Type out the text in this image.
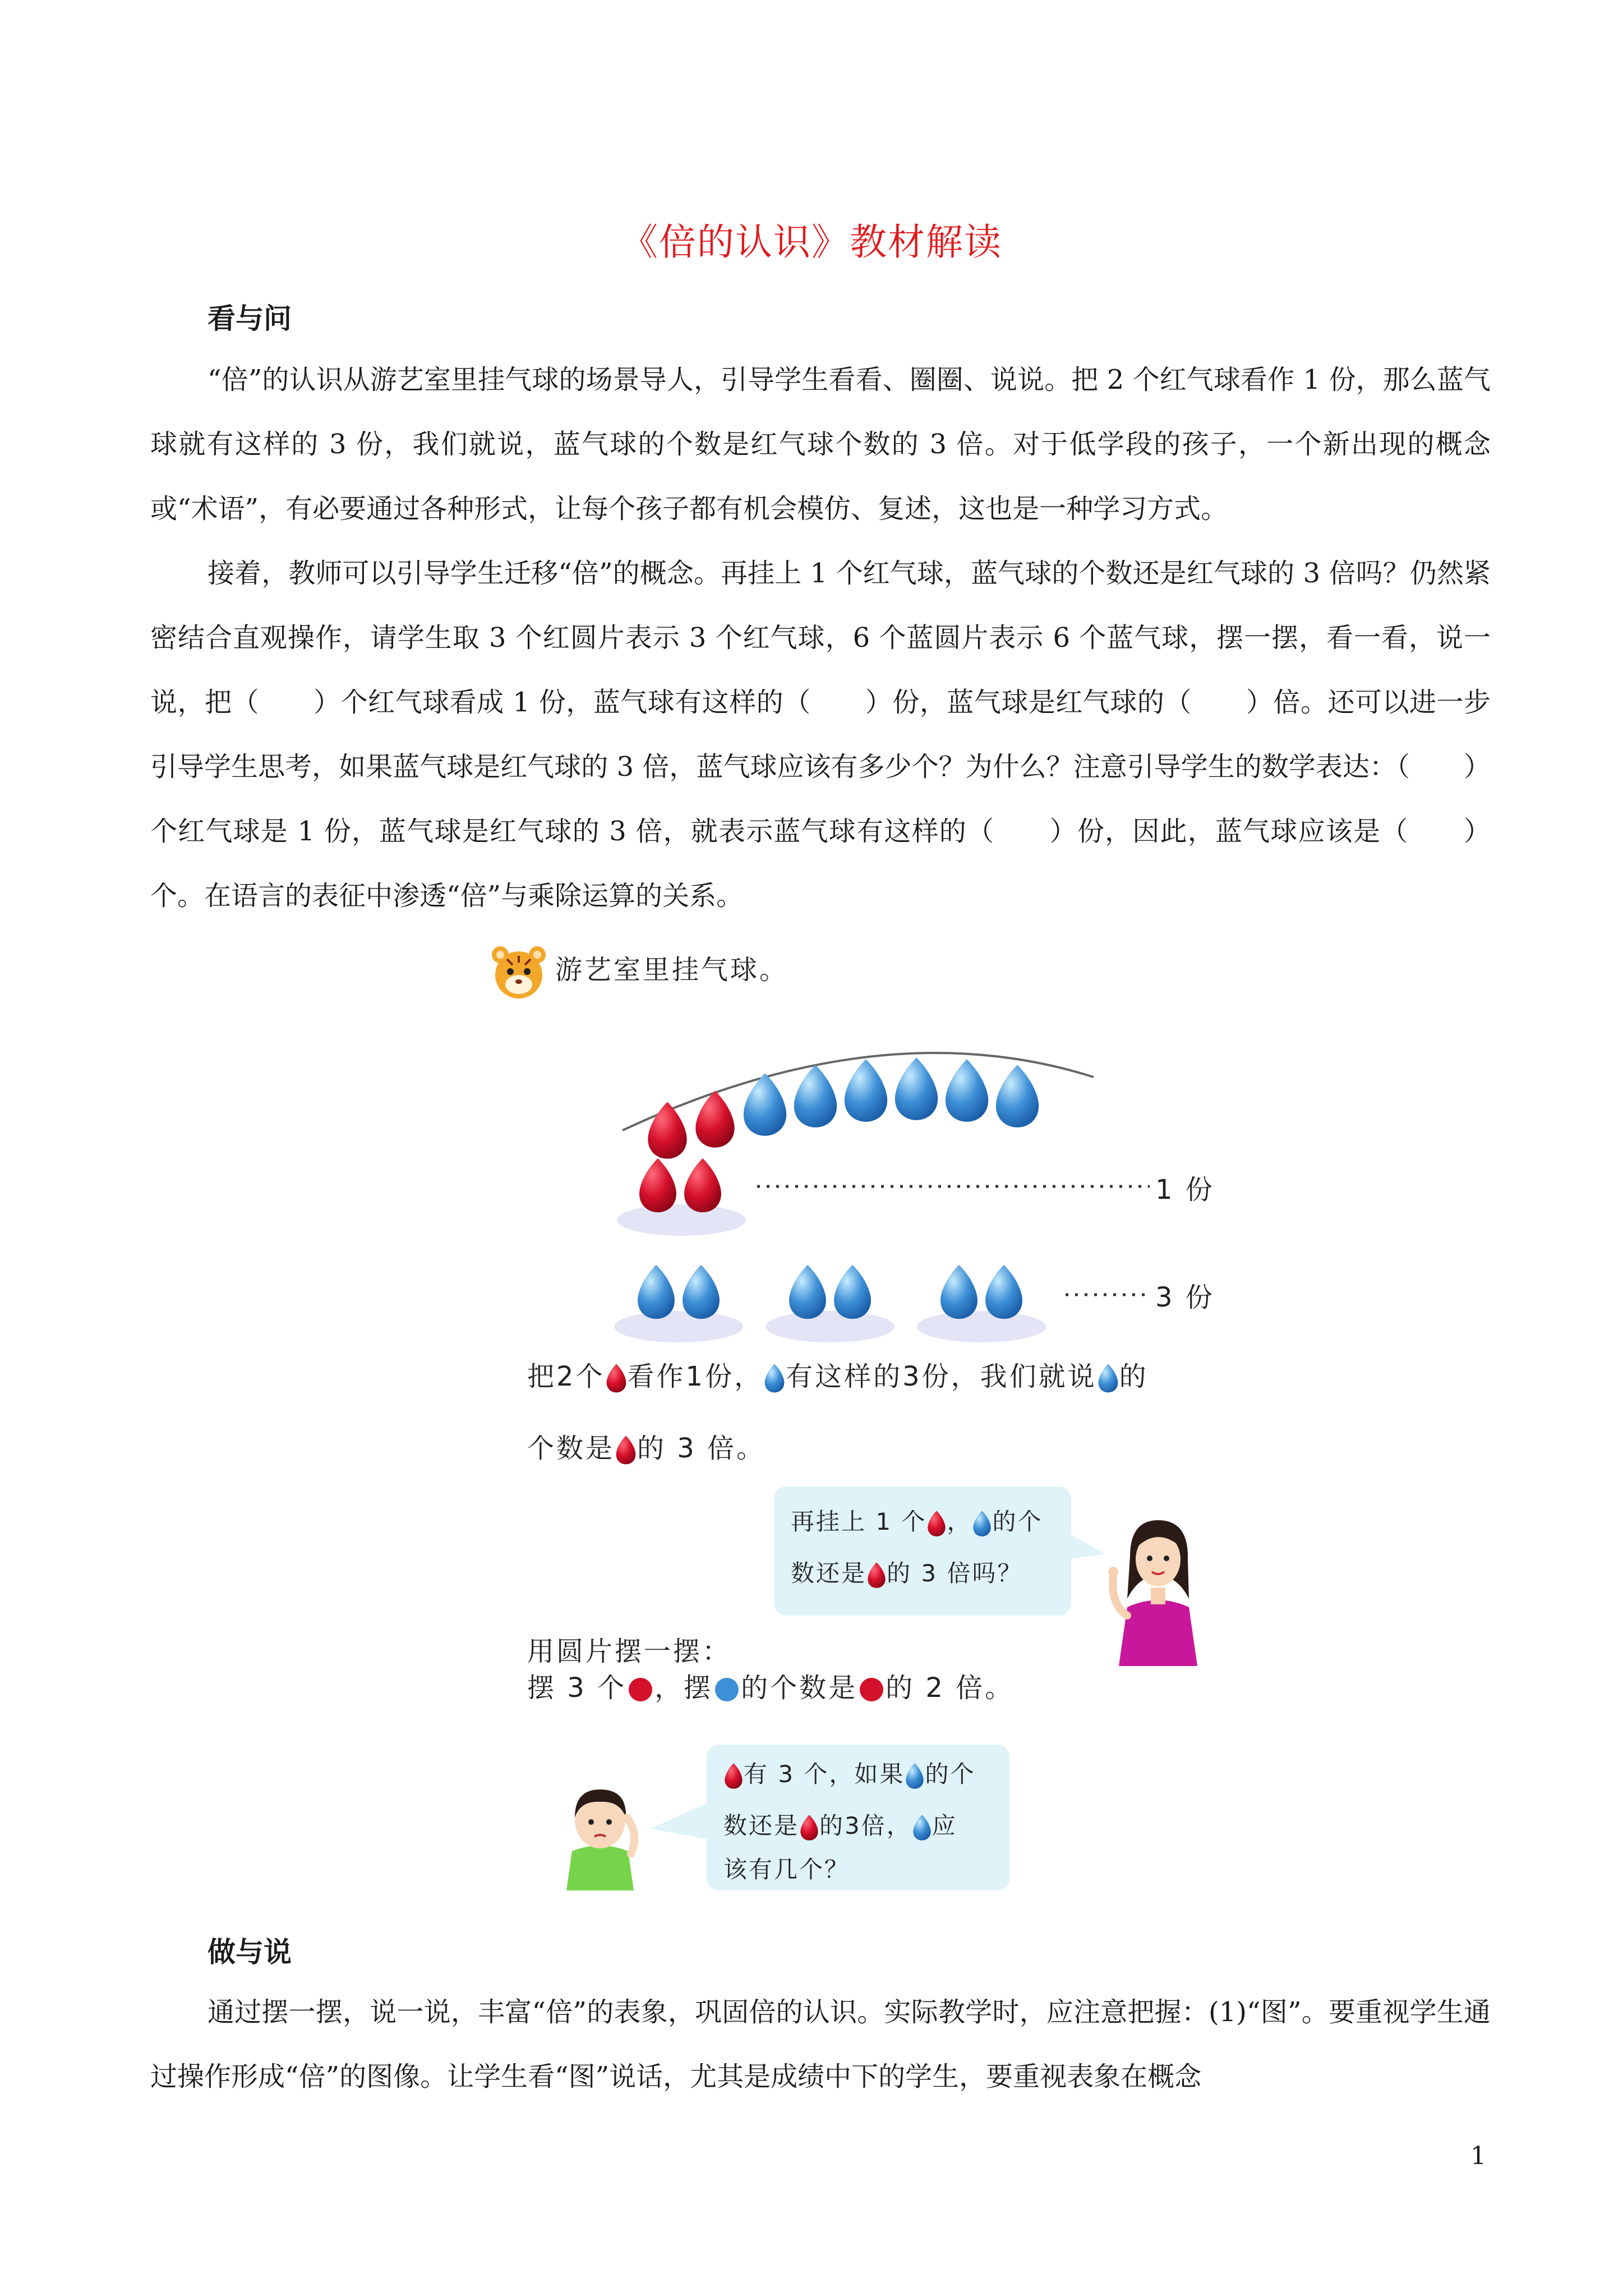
《倍的认识》教材解读
看与问

“倍”的认识从游艺室里挂气球的场景导人，引导学生看看、圈圈、说说。把 2 个红气球看作 1 份，那么蓝气球就有这样的 3 份，我们就说，蓝气球的个数是红气球个数的 3 倍。对于低学段的孩子，一个新出现的概念或“术语”，有必要通过各种形式，让每个孩子都有机会模仿、复述，这也是一种学习方式。

接着，教师可以引导学生迁移“倍”的概念。再挂上 1 个红气球，蓝气球的个数还是红气球的 3 倍吗？仍然紧密结合直观操作，请学生取 3 个红圆片表示 3 个红气球，6 个蓝圆片表示 6 个蓝气球，摆一摆，看一看，说一说，把（　　）个红气球看成 1 份，蓝气球有这样的（　　）份，蓝气球是红气球的（　　）倍。还可以进一步引导学生思考，如果蓝气球是红气球的 3 倍，蓝气球应该有多少个？为什么？注意引导学生的数学表达：（　　）个红气球是 1 份，蓝气球是红气球的 3 倍，就表示蓝气球有这样的（　　）份，因此，蓝气球应该是（　　）个。在语言的表征中渗透“倍”与乘除运算的关系。

游艺室里挂气球。
1 份
3 份
把2个 看作1份， 有这样的3份，我们就说 的
个数是 的 3 倍。
再挂上 1 个 ， 的个
数还是 的 3 倍吗？
用圆片摆一摆：
摆 3 个 ，摆 的个数是 的 2 倍。
有 3 个，如果 的个
数还是 的3倍， 应
该有几个？
做与说

通过摆一摆，说一说，丰富“倍”的表象，巩固倍的认识。实际教学时，应注意把握：(1)“图”。要重视学生通过操作形成“倍”的图像。让学生看“图”说话，尤其是成绩中下的学生，要重视表象在概念

1
